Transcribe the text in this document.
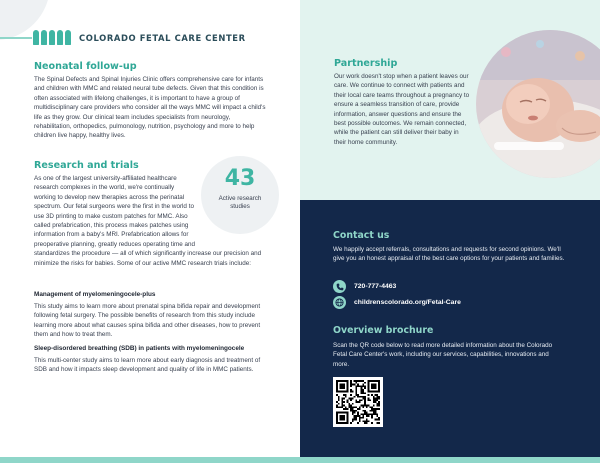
COLORADO FETAL CARE CENTER
Neonatal follow-up

The Spinal Defects and Spinal Injuries Clinic offers comprehensive care for infants and children with MMC and related neural tube defects. Given that this condition is often associated with lifelong challenges, it is important to have a group of multidisciplinary care providers who consider all the ways MMC will impact a child's life as they grow. Our clinical team includes specialists from neurology, rehabilitation, orthopedics, pulmonology, nutrition, psychology and more to help children live happy, healthy lives.

Research and trials
As one of the largest university-affiliated healthcare research complexes in the world, we're continually working to develop new therapies across the perinatal spectrum. Our fetal surgeons were the first in the world to use 3D printing to make custom patches for MMC. Also called prefabrication, this process makes patches using information from a baby's MRI. Prefabrication allows for preoperative planning, greatly reduces operating time and standardizes the procedure — all of which significantly increase our precision and minimize the risks for babies. Some of our active MMC research trials include:
43
Active research studies
Management of myelomeningocele-plus

This study aims to learn more about prenatal spina bifida repair and development following fetal surgery. The possible benefits of research from this study include learning more about what causes spina bifida and other diseases, how to prevent them and how to treat them.

Sleep-disordered breathing (SDB) in patients with myelomeningocele

This multi-center study aims to learn more about early diagnosis and treatment of SDB and how it impacts sleep development and quality of life in MMC patients.

Partnership

Our work doesn't stop when a patient leaves our care. We continue to connect with patients and their local care teams throughout a pregnancy to ensure a seamless transition of care, provide information, answer questions and ensure the best possible outcomes. We remain connected, while the patient can still deliver their baby in their home community.

Contact us

We happily accept referrals, consultations and requests for second opinions. We'll give you an honest appraisal of the best care options for your patients and families.

720-777-4463
childrenscolorado.org/Fetal-Care
Overview brochure

Scan the QR code below to read more detailed information about the Colorado Fetal Care Center's work, including our services, capabilities, innovations and more.
